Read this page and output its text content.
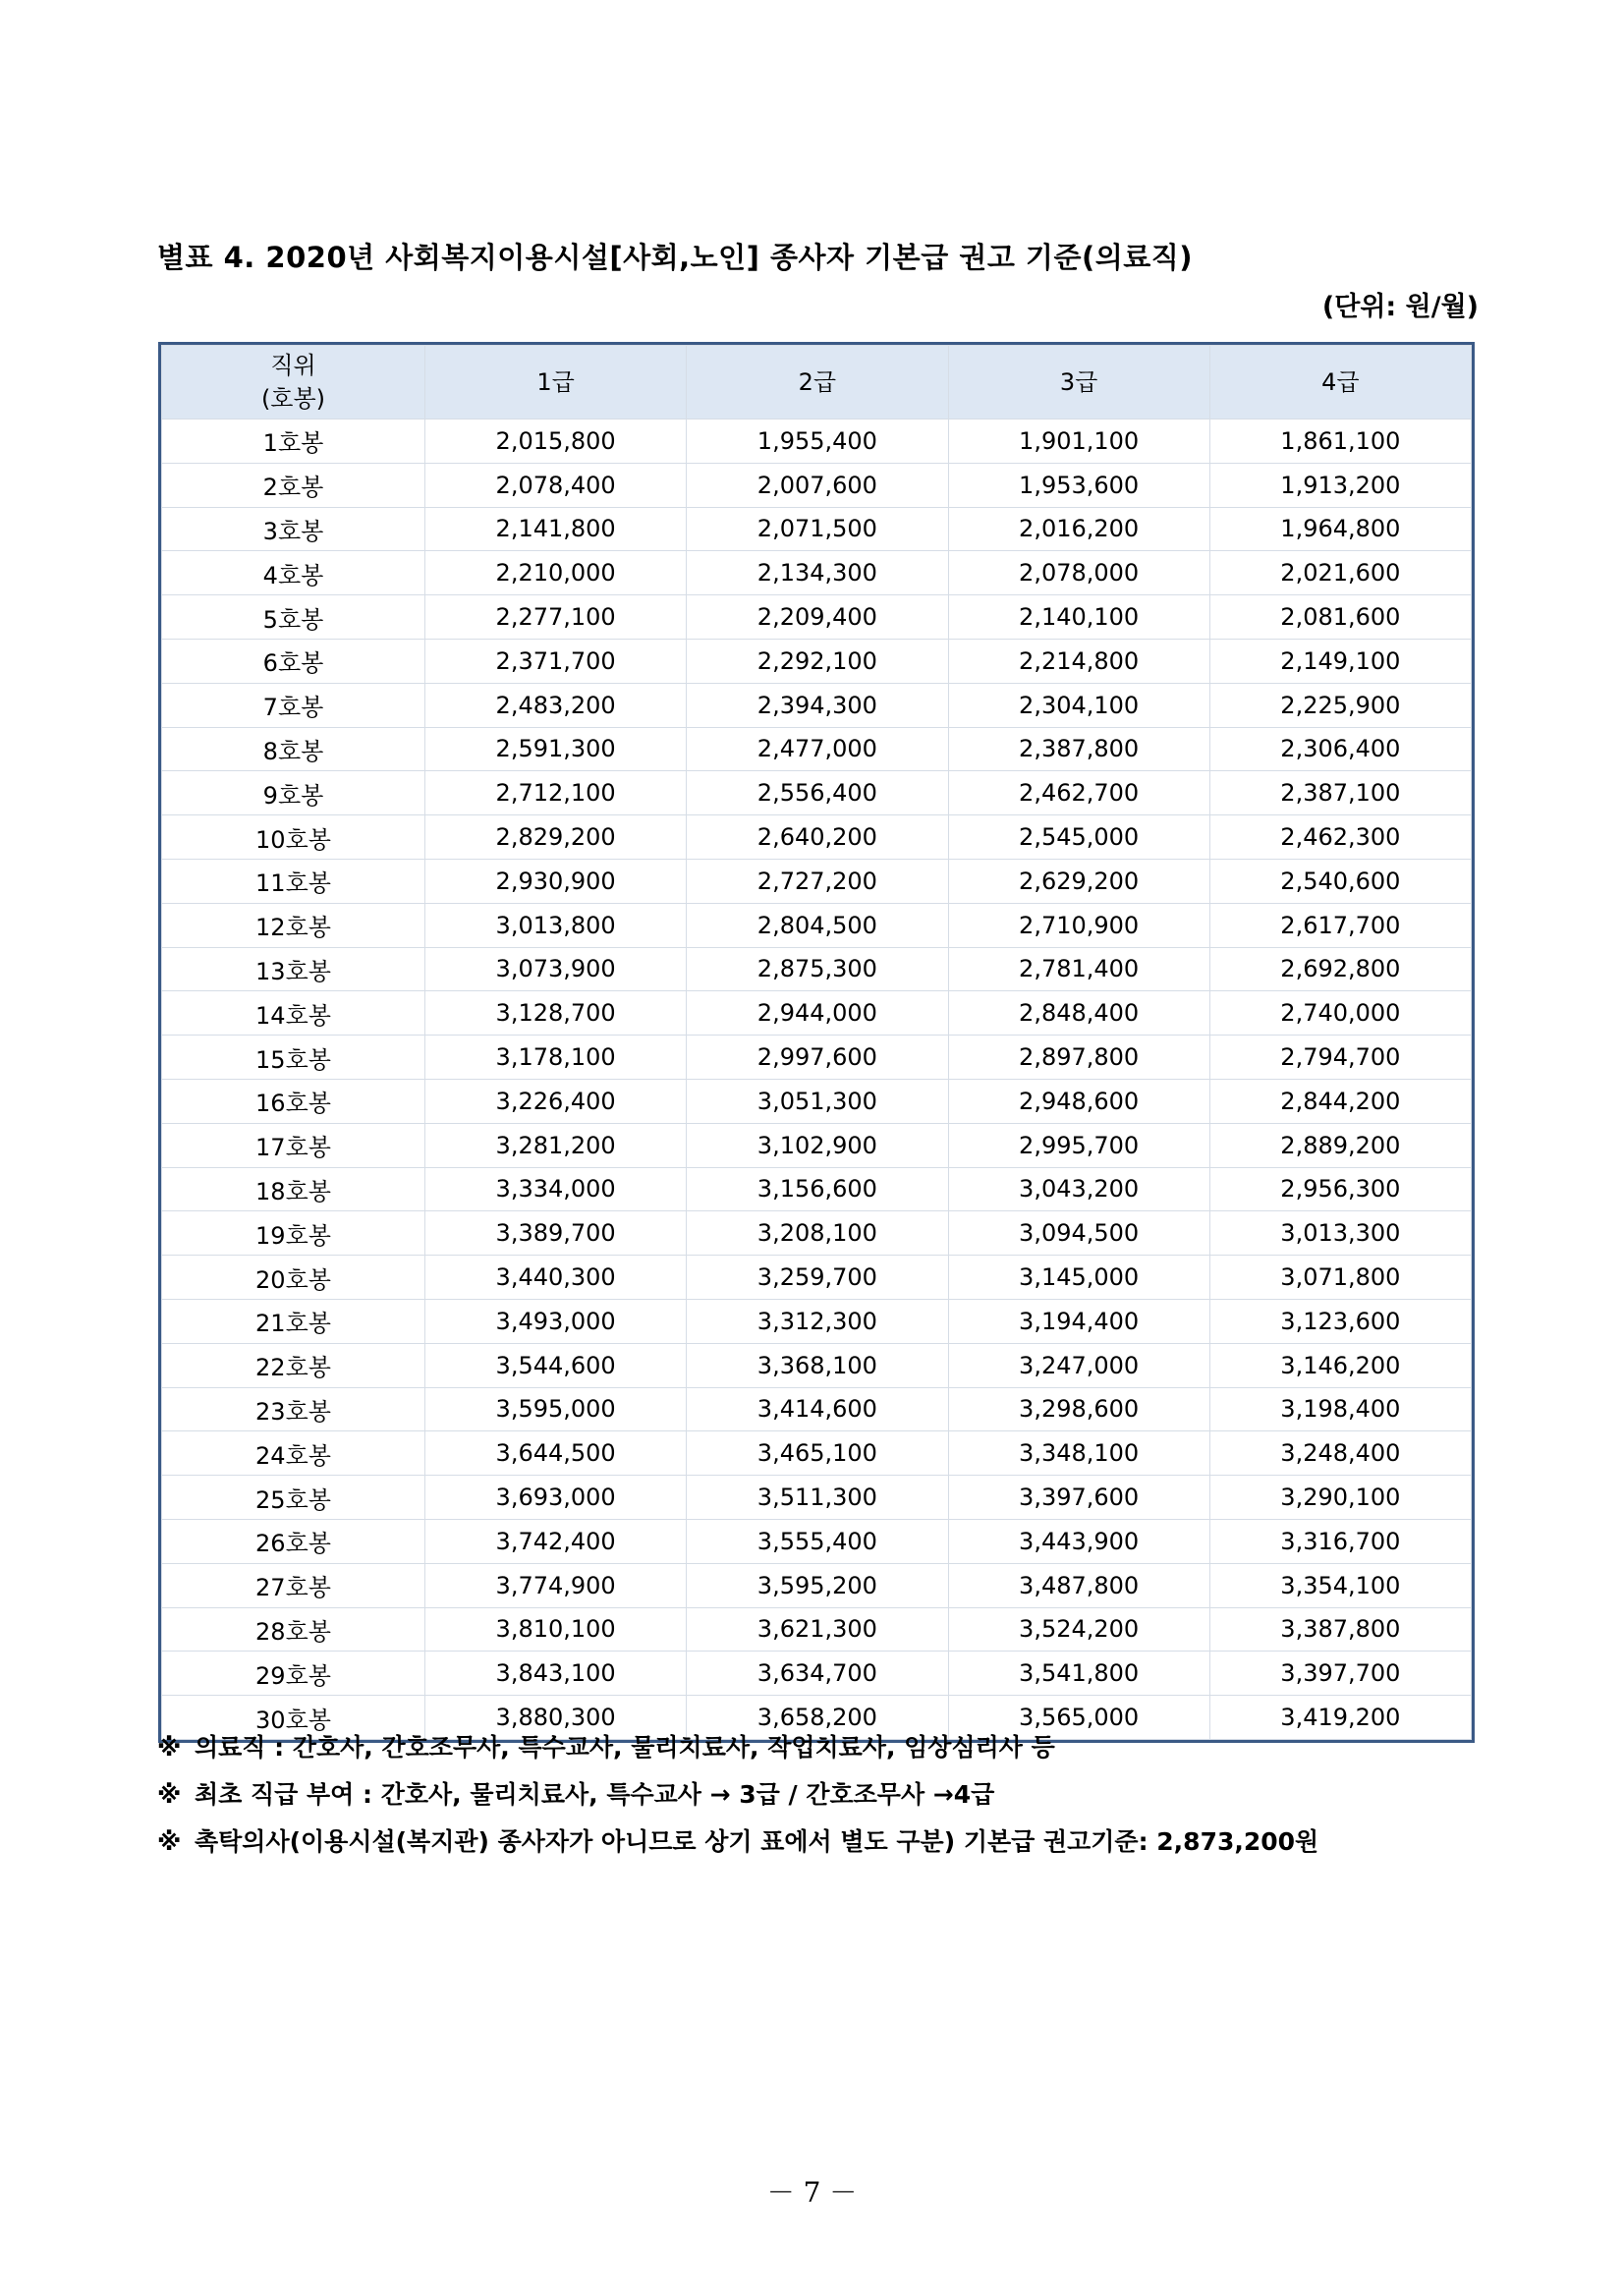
별표 4. 2020년 사회복지이용시설[사회,노인] 종사자 기본급 권고 기준(의료직)
(단위: 원/월)
직위
(호봉)	1급	2급	3급	4급
1호봉	2,015,800	1,955,400	1,901,100	1,861,100
2호봉	2,078,400	2,007,600	1,953,600	1,913,200
3호봉	2,141,800	2,071,500	2,016,200	1,964,800
4호봉	2,210,000	2,134,300	2,078,000	2,021,600
5호봉	2,277,100	2,209,400	2,140,100	2,081,600
6호봉	2,371,700	2,292,100	2,214,800	2,149,100
7호봉	2,483,200	2,394,300	2,304,100	2,225,900
8호봉	2,591,300	2,477,000	2,387,800	2,306,400
9호봉	2,712,100	2,556,400	2,462,700	2,387,100
10호봉	2,829,200	2,640,200	2,545,000	2,462,300
11호봉	2,930,900	2,727,200	2,629,200	2,540,600
12호봉	3,013,800	2,804,500	2,710,900	2,617,700
13호봉	3,073,900	2,875,300	2,781,400	2,692,800
14호봉	3,128,700	2,944,000	2,848,400	2,740,000
15호봉	3,178,100	2,997,600	2,897,800	2,794,700
16호봉	3,226,400	3,051,300	2,948,600	2,844,200
17호봉	3,281,200	3,102,900	2,995,700	2,889,200
18호봉	3,334,000	3,156,600	3,043,200	2,956,300
19호봉	3,389,700	3,208,100	3,094,500	3,013,300
20호봉	3,440,300	3,259,700	3,145,000	3,071,800
21호봉	3,493,000	3,312,300	3,194,400	3,123,600
22호봉	3,544,600	3,368,100	3,247,000	3,146,200
23호봉	3,595,000	3,414,600	3,298,600	3,198,400
24호봉	3,644,500	3,465,100	3,348,100	3,248,400
25호봉	3,693,000	3,511,300	3,397,600	3,290,100
26호봉	3,742,400	3,555,400	3,443,900	3,316,700
27호봉	3,774,900	3,595,200	3,487,800	3,354,100
28호봉	3,810,100	3,621,300	3,524,200	3,387,800
29호봉	3,843,100	3,634,700	3,541,800	3,397,700
30호봉	3,880,300	3,658,200	3,565,000	3,419,200
※ 의료직 : 간호사, 간호조무사, 특수교사, 물리치료사, 작업치료사, 임상심리사 등
※ 최초 직급 부여 : 간호사, 물리치료사, 특수교사 → 3급 / 간호조무사 →4급
※ 촉탁의사(이용시설(복지관) 종사자가 아니므로 상기 표에서 별도 구분) 기본급 권고기준: 2,873,200원
－ 7 －
